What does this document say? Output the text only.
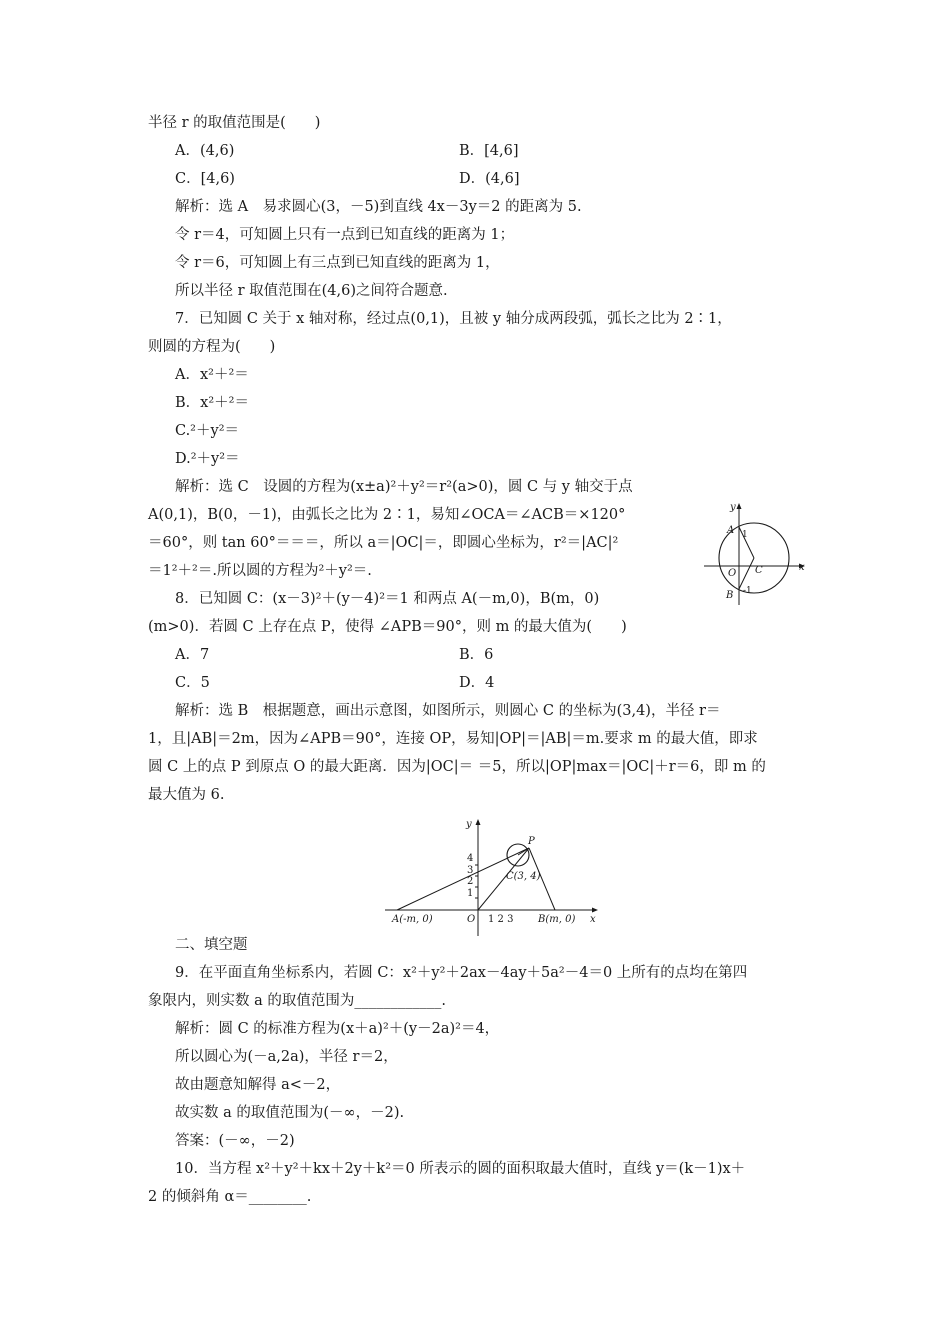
半径 r 的取值范围是(　　)
A．(4,6)	B．[4,6]
C．[4,6)	D．(4,6]
解析：选 A　易求圆心(3，－5)到直线 4x－3y＝2 的距离为 5.
令 r＝4，可知圆上只有一点到已知直线的距离为 1；
令 r＝6，可知圆上有三点到已知直线的距离为 1，
所以半径 r 取值范围在(4,6)之间符合题意.
7．已知圆 C 关于 x 轴对称，经过点(0,1)，且被 y 轴分成两段弧，弧长之比为 2∶1，
则圆的方程为(　　)
A．x²＋²＝
B．x²＋²＝
C.²＋y²＝
D.²＋y²＝
解析：选 C　设圆的方程为(x±a)²＋y²＝r²(a>0)，圆 C 与 y 轴交于点
A(0,1)，B(0，－1)，由弧长之比为 2∶1，易知∠OCA＝∠ACB＝×120°
＝60°，则 tan 60°＝＝＝，所以 a＝|OC|＝，即圆心坐标为，r²＝|AC|²
＝1²＋²＝.所以圆的方程为²＋y²＝.
8．已知圆 C：(x－3)²＋(y－4)²＝1 和两点 A(－m,0)，B(m，0)
(m>0)．若圆 C 上存在点 P，使得 ∠APB＝90°，则 m 的最大值为(　　)
A．7	B．6
C．5	D．4
解析：选 B　根据题意，画出示意图，如图所示，则圆心 C 的坐标为(3,4)，半径 r＝
1，且|AB|＝2m，因为∠APB＝90°，连接 OP，易知|OP|＝|AB|＝m.要求 m 的最大值，即求
圆 C 上的点 P 到原点 O 的最大距离．因为|OC|＝ ＝5，所以|OP|max＝|OC|＋r＝6，即 m 的
最大值为 6.
二、填空题
9．在平面直角坐标系内，若圆 C：x²＋y²＋2ax－4ay＋5a²－4＝0 上所有的点均在第四
象限内，则实数 a 的取值范围为____________.
解析：圆 C 的标准方程为(x＋a)²＋(y－2a)²＝4，
所以圆心为(－a,2a)，半径 r＝2，
故由题意知解得 a<－2，
故实数 a 的取值范围为(－∞，－2).
答案：(－∞，－2)
10．当方程 x²＋y²＋kx＋2y＋k²＝0 所表示的圆的面积取最大值时，直线 y＝(k－1)x＋
2 的倾斜角 α＝________.
y
A 1
x
O C
B -1
y
P
4
3
2
1
C(3, 4)
A(-m, 0)	O 1 2 3 B(m, 0) x
